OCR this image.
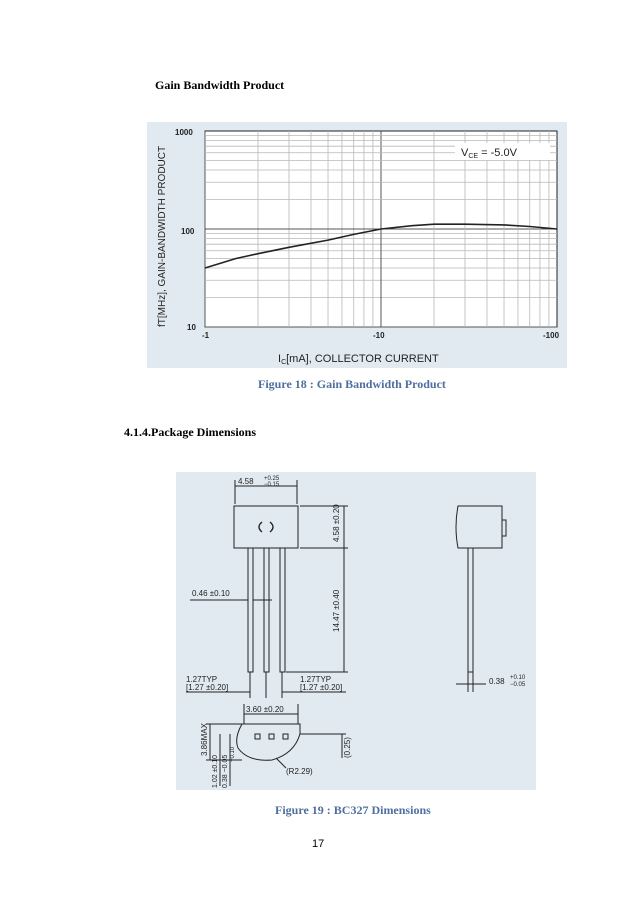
Gain Bandwidth Product
1000
100
10
-1	-10	-100
fT[MHz], GAIN-BANDWIDTH PRODUCT
IC[mA], COLLECTOR CURRENT
VCE = -5.0V
Figure 18 : Gain Bandwidth Product
4.1.4.Package Dimensions
4.58 +0.25
−0.15
4.58 ±0.20
14.47 ±0.40
0.46 ±0.10
1.27TYP
[1.27 ±0.20]
1.27TYP
[1.27 ±0.20]
3.60 ±0.20
3.86MAX
1.02 ±0.10 0.38 −0.05
+0.10	(0.25)
(R2.29)
0.38 +0.10
−0.05
Figure 19 : BC327 Dimensions
17
